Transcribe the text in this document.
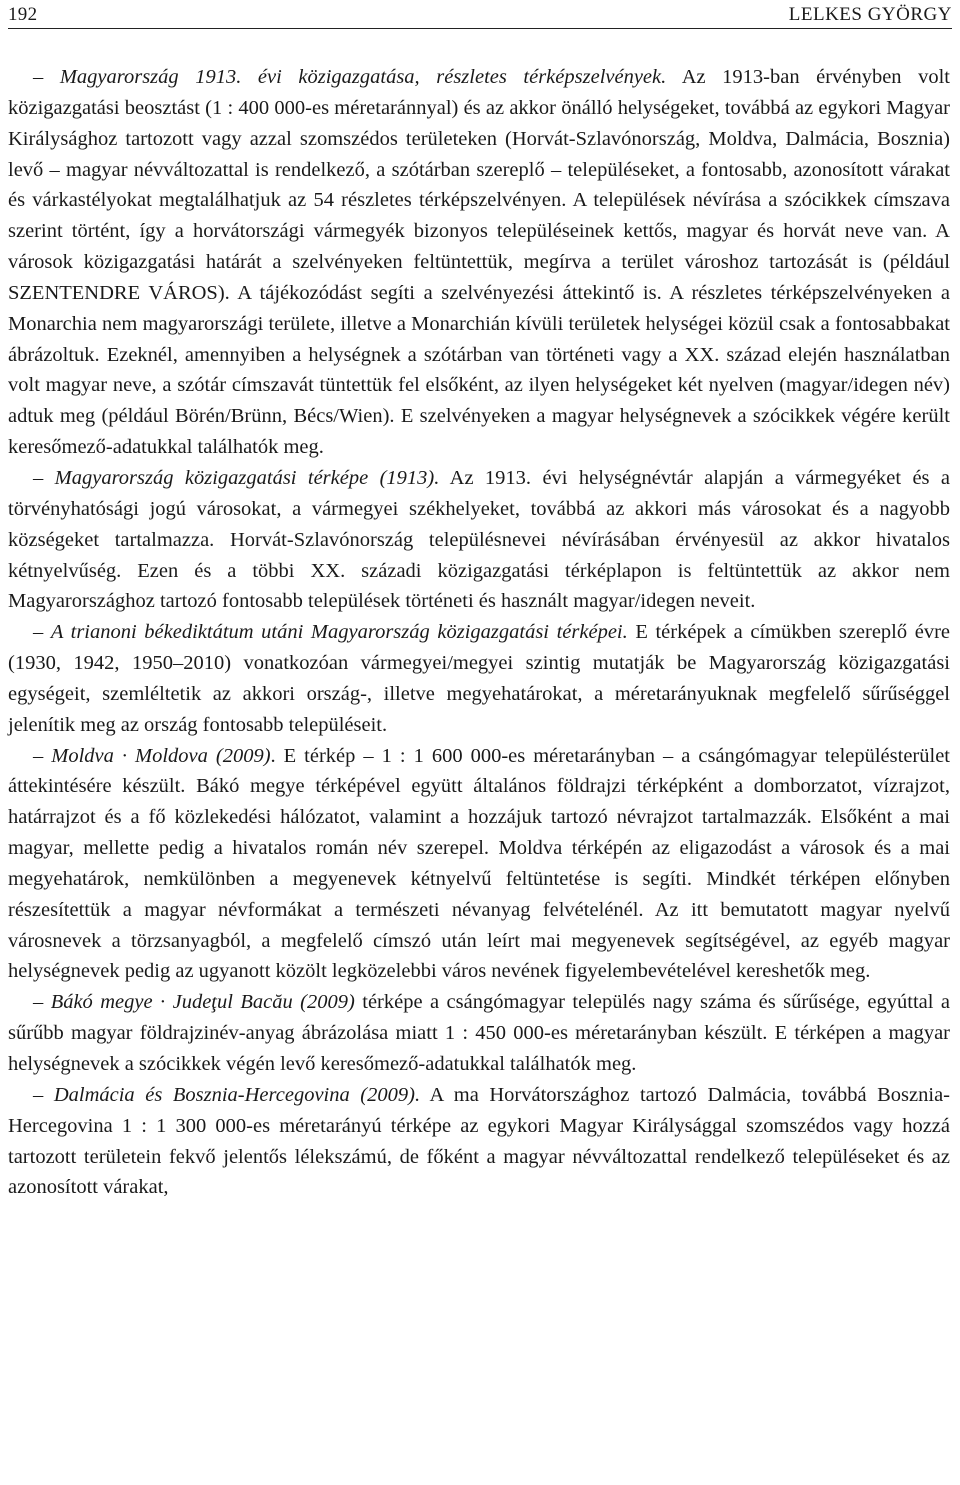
192	LELKES GYÖRGY

– Magyarország 1913. évi közigazgatása, részletes térképszelvények. Az 1913-ban érvényben volt közigazgatási beosztást (1 : 400 000-es méretaránnyal) és az akkor önálló helységeket, továbbá az egykori Magyar Királysághoz tartozott vagy azzal szomszédos területeken (Horvát-Szlavónország, Moldva, Dalmácia, Bosznia) levő – magyar névváltozattal is rendelkező, a szótárban szereplő – településeket, a fontosabb, azonosított várakat és várkastélyokat megtalálhatjuk az 54 részletes térképszelvényen. A települések névírása a szócikkek címszava szerint történt, így a horvátországi vármegyék bizonyos településeinek kettős, magyar és horvát neve van. A városok közigazgatási határát a szelvényeken feltüntettük, megírva a terület városhoz tartozását is (például SZENTENDRE VÁROS). A tájékozódást segíti a szelvényezési áttekintő is. A részletes térképszelvényeken a Monarchia nem magyarországi területe, illetve a Monarchián kívüli területek helységei közül csak a fontosabbakat ábrázoltuk. Ezeknél, amennyiben a helységnek a szótárban van történeti vagy a XX. század elején használatban volt magyar neve, a szótár címszavát tüntettük fel elsőként, az ilyen helységeket két nyelven (magyar/idegen név) adtuk meg (például Börén/Brünn, Bécs/Wien). E szelvényeken a magyar helységnevek a szócikkek végére került keresőmező-adatukkal találhatók meg.

– Magyarország közigazgatási térképe (1913). Az 1913. évi helységnévtár alapján a vármegyéket és a törvényhatósági jogú városokat, a vármegyei székhelyeket, továbbá az akkori más városokat és a nagyobb községeket tartalmazza. Horvát-Szlavónország településnevei névírásában érvényesül az akkor hivatalos kétnyelvűség. Ezen és a többi XX. századi közigazgatási térképlapon is feltüntettük az akkor nem Magyarországhoz tartozó fontosabb települések történeti és használt magyar/idegen neveit.

– A trianoni békediktátum utáni Magyarország közigazgatási térképei. E térképek a címükben szereplő évre (1930, 1942, 1950–2010) vonatkozóan vármegyei/megyei szintig mutatják be Magyarország közigazgatási egységeit, szemléltetik az akkori ország-, illetve megyehatárokat, a méretarányuknak megfelelő sűrűséggel jelenítik meg az ország fontosabb településeit.

– Moldva · Moldova (2009). E térkép – 1 : 1 600 000-es méretarányban – a csángómagyar településterület áttekintésére készült. Bákó megye térképével együtt általános földrajzi térképként a domborzatot, vízrajzot, határrajzot és a fő közlekedési hálózatot, valamint a hozzájuk tartozó névrajzot tartalmazzák. Elsőként a mai magyar, mellette pedig a hivatalos román név szerepel. Moldva térképén az eligazodást a városok és a mai megyehatárok, nemkülönben a megyenevek kétnyelvű feltüntetése is segíti. Mindkét térképen előnyben részesítettük a magyar névformákat a természeti névanyag felvételénél. Az itt bemutatott magyar nyelvű városnevek a törzsanyagból, a megfelelő címszó után leírt mai megyenevek segítségével, az egyéb magyar helységnevek pedig az ugyanott közölt legközelebbi város nevének figyelembevételével kereshetők meg.

– Bákó megye · Judeţul Bacău (2009) térképe a csángómagyar település nagy száma és sűrűsége, egyúttal a sűrűbb magyar földrajzinév-anyag ábrázolása miatt 1 : 450 000-es méretarányban készült. E térképen a magyar helységnevek a szócikkek végén levő keresőmező-adatukkal találhatók meg.

– Dalmácia és Bosznia-Hercegovina (2009). A ma Horvátországhoz tartozó Dalmácia, továbbá Bosznia-Hercegovina 1 : 1 300 000-es méretarányú térképe az egykori Magyar Királysággal szomszédos vagy hozzá tartozott területein fekvő jelentős lélekszámú, de főként a magyar névváltozattal rendelkező településeket és az azonosított várakat,
